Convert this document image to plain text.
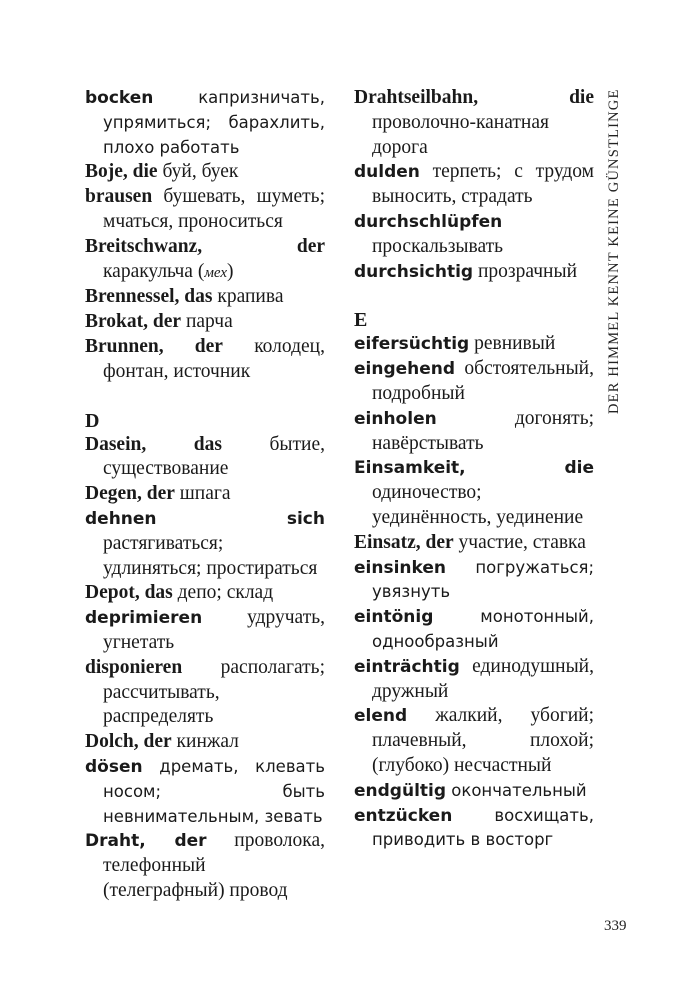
bocken капризничать, упрямиться; барахлить, плохо работать
Boje, die буй, буек
brausen бушевать, шуметь; мчаться, проноситься
Breitschwanz, der каракульча (мех)
Brennessel, das крапива
Brokat, der парча
Brunnen, der колодец, фонтан, источник
D
Dasein, das бытие, существование
Degen, der шпага
dehnen sich растягиваться; удлиняться; простираться
Depot, das депо; склад
deprimieren удручать, угнетать
disponieren располагать; рассчитывать, распределять
Dolch, der кинжал
dösen дремать, клевать носом; быть невнимательным, зевать
Draht, der проволока, телефонный (телеграфный) провод
Drahtseilbahn, die проволочно-канатная дорога
dulden терпеть; с трудом выносить, страдать
durchschlüpfen проскальзывать
durchsichtig прозрачный
E
eifersüchtig ревнивый
eingehend обстоятельный, подробный
einholen догонять; навёрстывать
Einsamkeit, die одиночество; уединённость, уединение
Einsatz, der участие, ставка
einsinken погружаться; увязнуть
eintönig монотонный, однообразный
einträchtig единодушный, дружный
elend жалкий, убогий; плачевный, плохой; (глубоко) несчастный
endgültig окончательный
entzücken восхищать, приводить в восторг
DER HIMMEL KENNT KEINE GÜNSTLINGE
339
